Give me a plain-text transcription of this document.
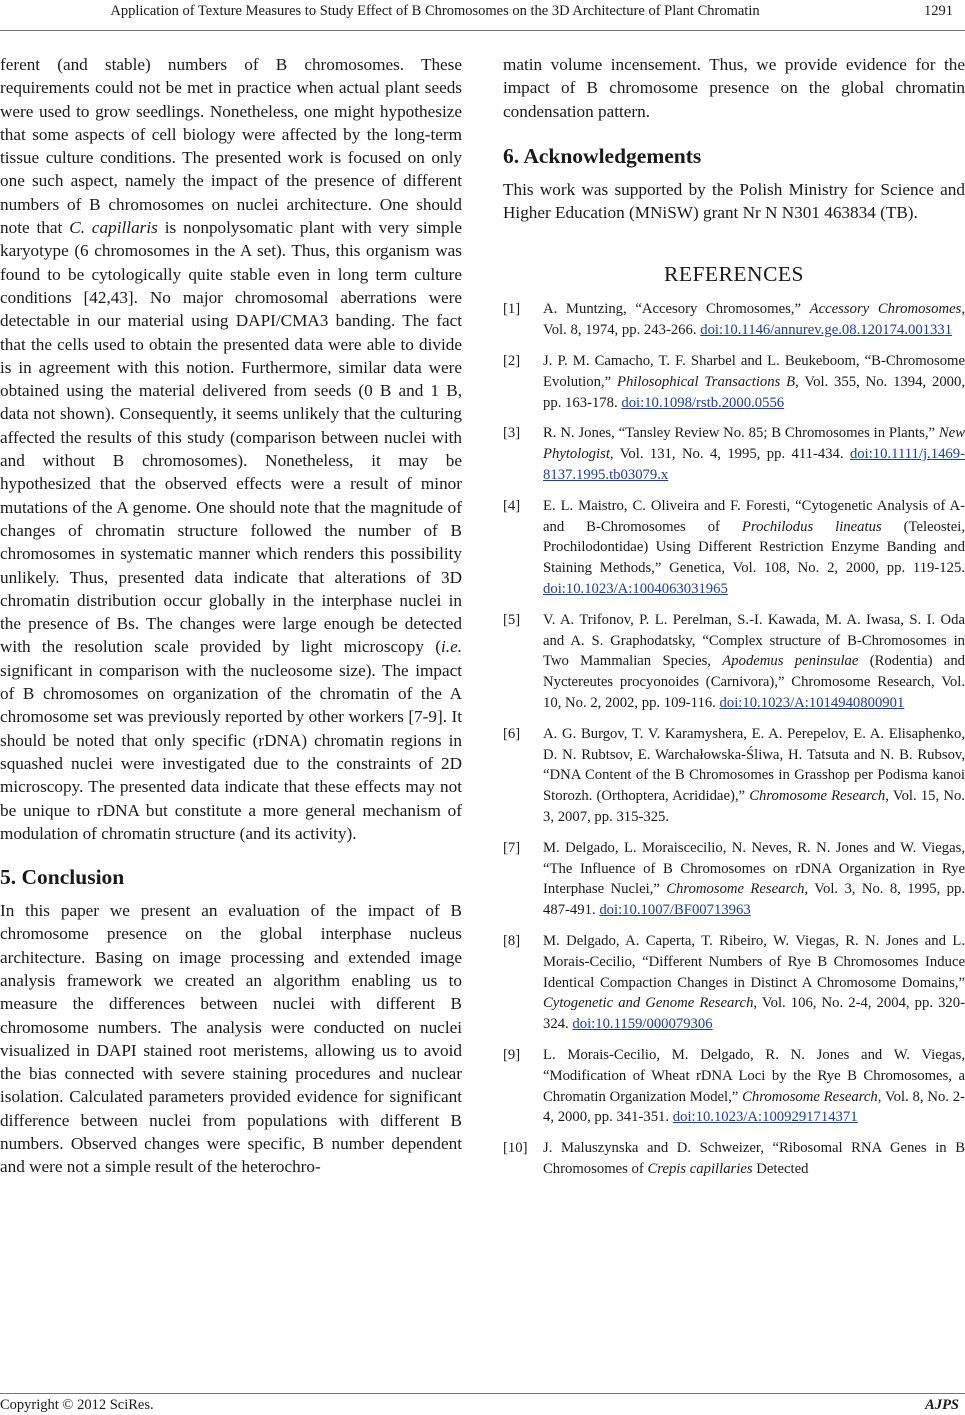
Application of Texture Measures to Study Effect of B Chromosomes on the 3D Architecture of Plant Chromatin	1291

ferent (and stable) numbers of B chromosomes. These requirements could not be met in practice when actual plant seeds were used to grow seedlings. Nonetheless, one might hypothesize that some aspects of cell biology were affected by the long-term tissue culture conditions. The presented work is focused on only one such aspect, namely the impact of the presence of different numbers of B chromosomes on nuclei architecture. One should note that C. capillaris is nonpolysomatic plant with very simple karyotype (6 chromosomes in the A set). Thus, this organism was found to be cytologically quite stable even in long term culture conditions [42,43]. No major chromosomal aberrations were detectable in our material using DAPI/CMA3 banding. The fact that the cells used to obtain the presented data were able to divide is in agreement with this notion. Furthermore, similar data were obtained using the material delivered from seeds (0 B and 1 B, data not shown). Consequently, it seems unlikely that the culturing affected the results of this study (comparison between nuclei with and without B chromosomes). Nonetheless, it may be hypothesized that the observed effects were a result of minor mutations of the A genome. One should note that the magnitude of changes of chromatin structure followed the number of B chromosomes in systematic manner which renders this possibility unlikely. Thus, presented data indicate that alterations of 3D chromatin distribution occur globally in the interphase nuclei in the presence of Bs. The changes were large enough be detected with the resolution scale provided by light microscopy (i.e. significant in comparison with the nucleosome size). The impact of B chromosomes on organization of the chromatin of the A chromosome set was previously reported by other workers [7-9]. It should be noted that only specific (rDNA) chromatin regions in squashed nuclei were investigated due to the constraints of 2D microscopy. The presented data indicate that these effects may not be unique to rDNA but constitute a more general mechanism of modulation of chromatin structure (and its activity).

5. Conclusion

In this paper we present an evaluation of the impact of B chromosome presence on the global interphase nucleus architecture. Basing on image processing and extended image analysis framework we created an algorithm enabling us to measure the differences between nuclei with different B chromosome numbers. The analysis were conducted on nuclei visualized in DAPI stained root meristems, allowing us to avoid the bias connected with severe staining procedures and nuclear isolation. Calculated parameters provided evidence for significant difference between nuclei from populations with different B numbers. Observed changes were specific, B number dependent and were not a simple result of the heterochro-

matin volume incensement. Thus, we provide evidence for the impact of B chromosome presence on the global chromatin condensation pattern.

6. Acknowledgements

This work was supported by the Polish Ministry for Science and Higher Education (MNiSW) grant Nr N N301 463834 (TB).

REFERENCES
[1]	A. Muntzing, “Accesory Chromosomes,” Accessory Chromosomes, Vol. 8, 1974, pp. 243-266. doi:10.1146/annurev.ge.08.120174.001331
[2]	J. P. M. Camacho, T. F. Sharbel and L. Beukeboom, “B-Chromosome Evolution,” Philosophical Transactions B, Vol. 355, No. 1394, 2000, pp. 163-178. doi:10.1098/rstb.2000.0556
[3]	R. N. Jones, “Tansley Review No. 85; B Chromosomes in Plants,” New Phytologist, Vol. 131, No. 4, 1995, pp. 411-434. doi:10.1111/j.1469-8137.1995.tb03079.x
[4]	E. L. Maistro, C. Oliveira and F. Foresti, “Cytogenetic Analysis of A- and B-Chromosomes of Prochilodus lineatus (Teleostei, Prochilodontidae) Using Different Restriction Enzyme Banding and Staining Methods,” Genetica, Vol. 108, No. 2, 2000, pp. 119-125. doi:10.1023/A:1004063031965
[5]	V. A. Trifonov, P. L. Perelman, S.-I. Kawada, M. A. Iwasa, S. I. Oda and A. S. Graphodatsky, “Complex structure of B-Chromosomes in Two Mammalian Species, Apodemus peninsulae (Rodentia) and Nyctereutes procyonoides (Carnivora),” Chromosome Research, Vol. 10, No. 2, 2002, pp. 109-116. doi:10.1023/A:1014940800901
[6]	A. G. Burgov, T. V. Karamyshera, E. A. Perepelov, E. A. Elisaphenko, D. N. Rubtsov, E. Warchałowska-Śliwa, H. Tatsuta and N. B. Rubsov, “DNA Content of the B Chromosomes in Grasshop per Podisma kanoi Storozh. (Orthoptera, Acrididae),” Chromosome Research, Vol. 15, No. 3, 2007, pp. 315-325.
[7]	M. Delgado, L. Moraiscecilio, N. Neves, R. N. Jones and W. Viegas, “The Influence of B Chromosomes on rDNA Organization in Rye Interphase Nuclei,” Chromosome Research, Vol. 3, No. 8, 1995, pp. 487-491. doi:10.1007/BF00713963
[8]	M. Delgado, A. Caperta, T. Ribeiro, W. Viegas, R. N. Jones and L. Morais-Cecilio, “Different Numbers of Rye B Chromosomes Induce Identical Compaction Changes in Distinct A Chromosome Domains,” Cytogenetic and Genome Research, Vol. 106, No. 2-4, 2004, pp. 320-324. doi:10.1159/000079306
[9]	L. Morais-Cecilio, M. Delgado, R. N. Jones and W. Viegas, “Modification of Wheat rDNA Loci by the Rye B Chromosomes, a Chromatin Organization Model,” Chromosome Research, Vol. 8, No. 2-4, 2000, pp. 341-351. doi:10.1023/A:1009291714371
[10]	J. Maluszynska and D. Schweizer, “Ribosomal RNA Genes in B Chromosomes of Crepis capillaries Detected
Copyright © 2012 SciRes.	AJPS
